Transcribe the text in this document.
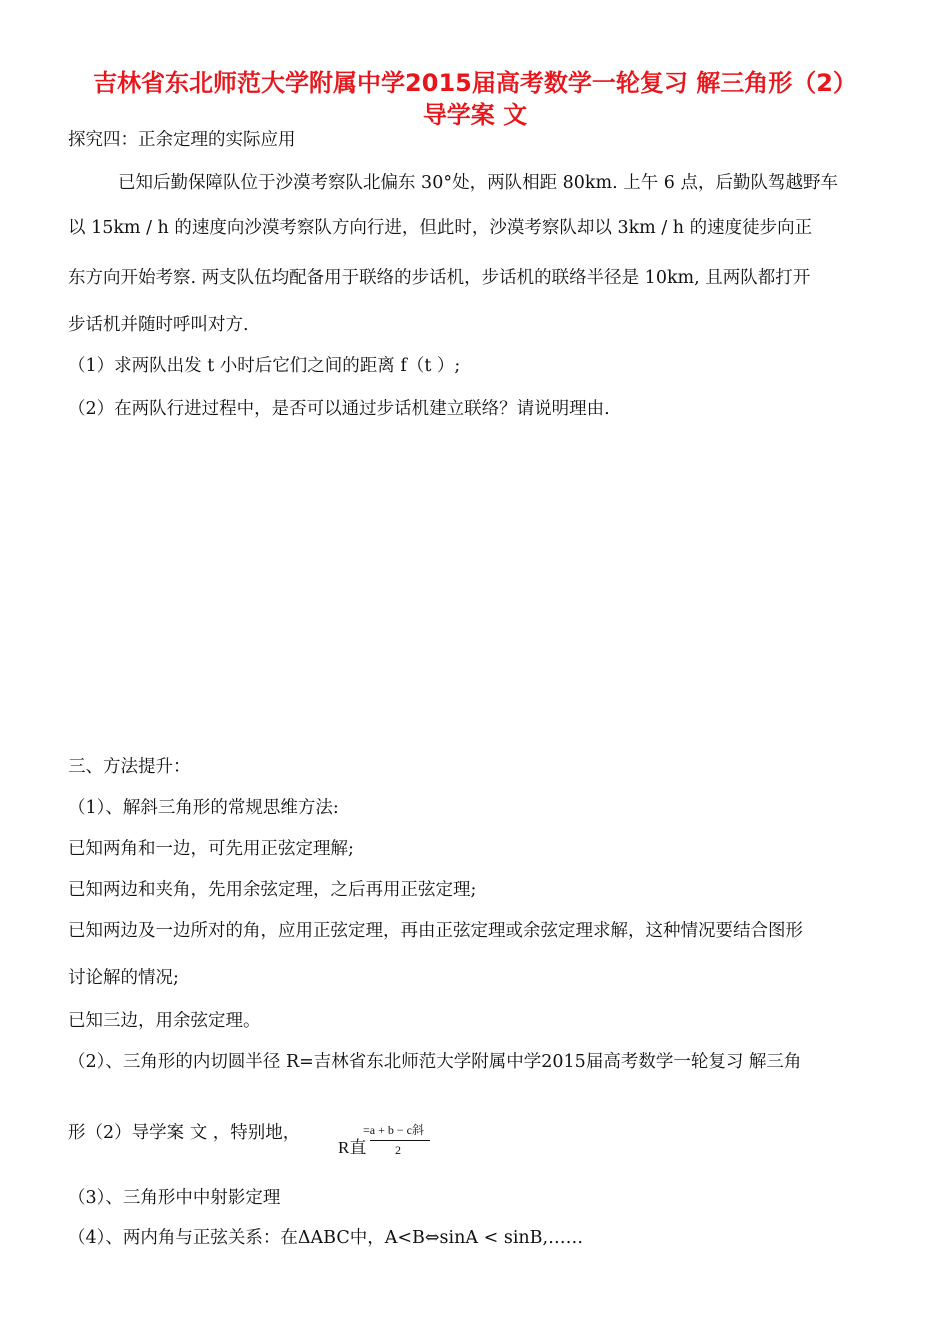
吉林省东北师范大学附属中学2015届高考数学一轮复习 解三角形（2）
导学案 文
探究四：正余定理的实际应用
已知后勤保障队位于沙漠考察队北偏东 30°处，两队相距 80km. 上午 6 点，后勤队驾越野车
以 15km / h 的速度向沙漠考察队方向行进，但此时，沙漠考察队却以 3km / h 的速度徒步向正
东方向开始考察. 两支队伍均配备用于联络的步话机，步话机的联络半径是 10km, 且两队都打开
步话机并随时呼叫对方.
（1）求两队出发 t 小时后它们之间的距离 f（t ）;
（2）在两队行进过程中，是否可以通过步话机建立联络？请说明理由.
三、方法提升：
（1）、解斜三角形的常规思维方法:
已知两角和一边，可先用正弦定理解;
已知两边和夹角，先用余弦定理，之后再用正弦定理;
已知两边及一边所对的角，应用正弦定理，再由正弦定理或余弦定理求解，这种情况要结合图形
讨论解的情况;
已知三边，用余弦定理。
（2）、三角形的内切圆半径 R=吉林省东北师范大学附属中学2015届高考数学一轮复习 解三角
形（2）导学案 文 ，特别地，
R直
=a + b − c斜
2
（3）、三角形中中射影定理
（4）、两内角与正弦关系：在ΔABC中，A<B⇔sinA < sinB,……
